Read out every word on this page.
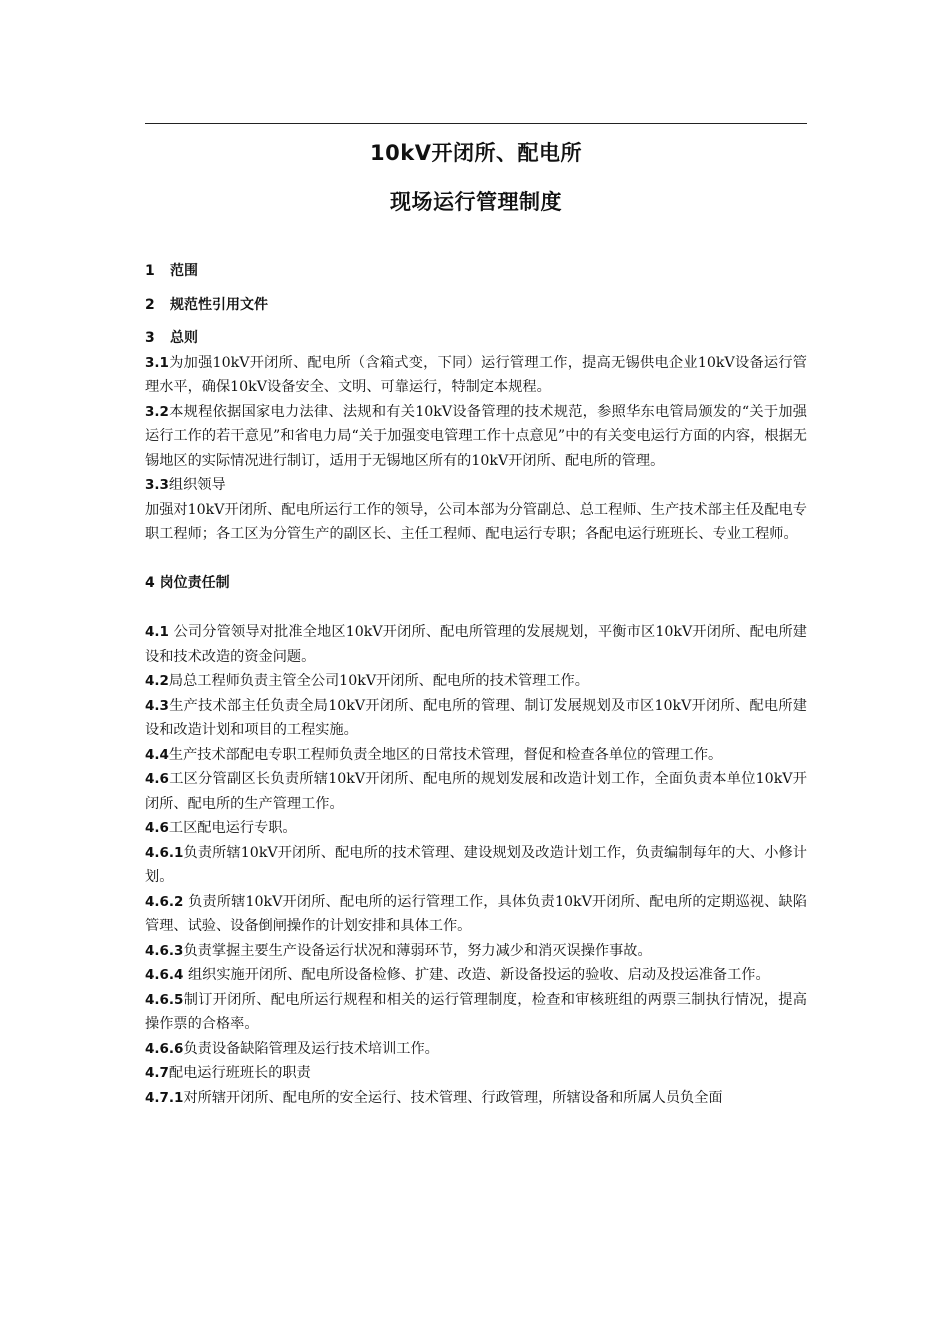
10kV开闭所、配电所
现场运行管理制度
1 范围
2 规范性引用文件
3 总则
3.1为加强10kV开闭所、配电所（含箱式变，下同）运行管理工作，提高无锡供电企业10kV设备运行管理水平，确保10kV设备安全、文明、可靠运行，特制定本规程。
3.2本规程依据国家电力法律、法规和有关10kV设备管理的技术规范，参照华东电管局颁发的“关于加强运行工作的若干意见”和省电力局“关于加强变电管理工作十点意见”中的有关变电运行方面的内容，根据无锡地区的实际情况进行制订，适用于无锡地区所有的10kV开闭所、配电所的管理。
3.3组织领导
加强对10kV开闭所、配电所运行工作的领导，公司本部为分管副总、总工程师、生产技术部主任及配电专职工程师；各工区为分管生产的副区长、主任工程师、配电运行专职；各配电运行班班长、专业工程师。
4 岗位责任制
4.1 公司分管领导对批准全地区10kV开闭所、配电所管理的发展规划，平衡市区10kV开闭所、配电所建设和技术改造的资金问题。
4.2局总工程师负责主管全公司10kV开闭所、配电所的技术管理工作。
4.3生产技术部主任负责全局10kV开闭所、配电所的管理、制订发展规划及市区10kV开闭所、配电所建设和改造计划和项目的工程实施。
4.4生产技术部配电专职工程师负责全地区的日常技术管理，督促和检查各单位的管理工作。
4.6工区分管副区长负责所辖10kV开闭所、配电所的规划发展和改造计划工作，全面负责本单位10kV开闭所、配电所的生产管理工作。
4.6工区配电运行专职。
4.6.1负责所辖10kV开闭所、配电所的技术管理、建设规划及改造计划工作，负责编制每年的大、小修计划。
4.6.2 负责所辖10kV开闭所、配电所的运行管理工作，具体负责10kV开闭所、配电所的定期巡视、缺陷管理、试验、设备倒闸操作的计划安排和具体工作。
4.6.3负责掌握主要生产设备运行状况和薄弱环节，努力减少和消灭误操作事故。
4.6.4 组织实施开闭所、配电所设备检修、扩建、改造、新设备投运的验收、启动及投运准备工作。
4.6.5制订开闭所、配电所运行规程和相关的运行管理制度，检查和审核班组的两票三制执行情况，提高操作票的合格率。
4.6.6负责设备缺陷管理及运行技术培训工作。
4.7配电运行班班长的职责
4.7.1对所辖开闭所、配电所的安全运行、技术管理、行政管理，所辖设备和所属人员负全面
